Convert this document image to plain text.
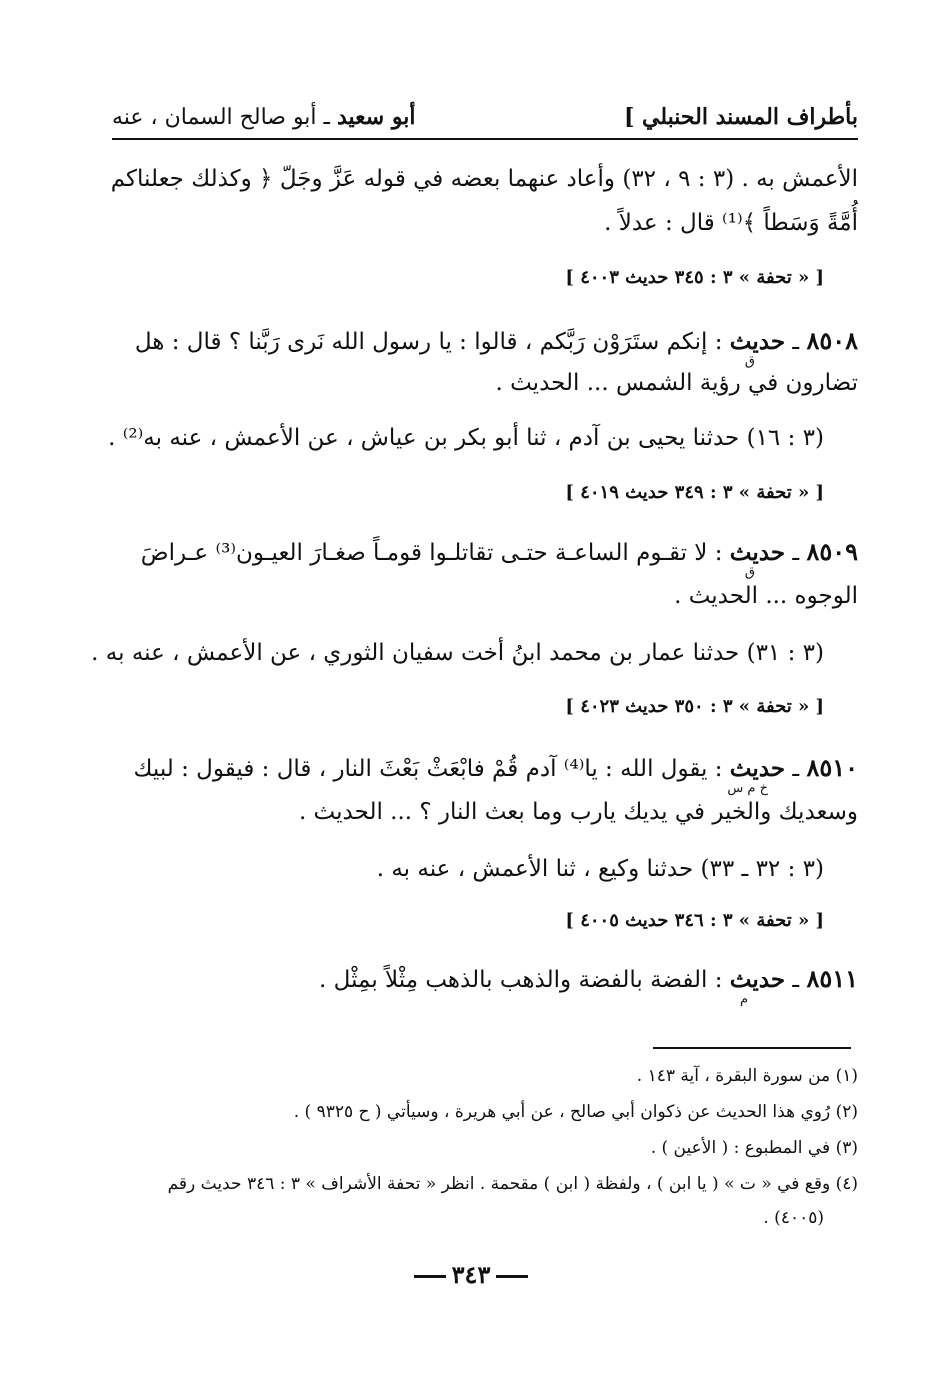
بأطراف المسند الحنبلي ]
أبو سعيد ـ أبو صالح السمان ، عنه
الأعمش به . (٣ : ٩ ، ٣٢) وأعاد عنهما بعضه في قوله عَزَّ وجَلّ ﴿ وكذلك جعلناكم
أُمَّةً وَسَطاً ﴾⁽¹⁾ قال : عدلاً .
[ « تحفة » ٣ : ٣٤٥ حديث ٤٠٠٣ ]
٨٥٠٨ ـ حديث : إنكم ستَرَوْن رَبَّكم ، قالوا : يا رسول الله نَرى رَبَّنا ؟ قال : هل
ق
تضارون في رؤية الشمس ... الحديث .
(٣ : ١٦) حدثنا يحيى بن آدم ، ثنا أبو بكر بن عياش ، عن الأعمش ، عنه به⁽²⁾ .
[ « تحفة » ٣ : ٣٤٩ حديث ٤٠١٩ ]
٨٥٠٩ ـ حديث : لا تقـوم الساعـة حتـى تقاتلـوا قومـاً صغـارَ العيـون⁽³⁾ عـراضَ
ق
الوجوه ... الحديث .
(٣ : ٣١) حدثنا عمار بن محمد ابنُ أخت سفيان الثوري ، عن الأعمش ، عنه به .
[ « تحفة » ٣ : ٣٥٠ حديث ٤٠٢٣ ]
٨٥١٠ ـ حديث : يقول الله : يا⁽⁴⁾ آدم قُمْ فابْعَثْ بَعْثَ النار ، قال : فيقول : لبيك
خ م س
وسعديك والخير في يديك يارب وما بعث النار ؟ ... الحديث .
(٣ : ٣٢ ـ ٣٣) حدثنا وكيع ، ثنا الأعمش ، عنه به .
[ « تحفة » ٣ : ٣٤٦ حديث ٤٠٠٥ ]
٨٥١١ ـ حديث : الفضة بالفضة والذهب بالذهب مِثْلاً بمِثْل .
م
(١) من سورة البقرة ، آية ١٤٣ .
(٢) رُوي هذا الحديث عن ذكوان أبي صالح ، عن أبي هريرة ، وسيأتي ( ح ٩٣٢٥ ) .
(٣) في المطبوع : ( الأعين ) .
(٤) وقع في « ت » ( يا ابن ) ، ولفظة ( ابن ) مقحمة . انظر « تحفة الأشراف » ٣ : ٣٤٦ حديث رقم
(٤٠٠٥) .
٣٤٣
